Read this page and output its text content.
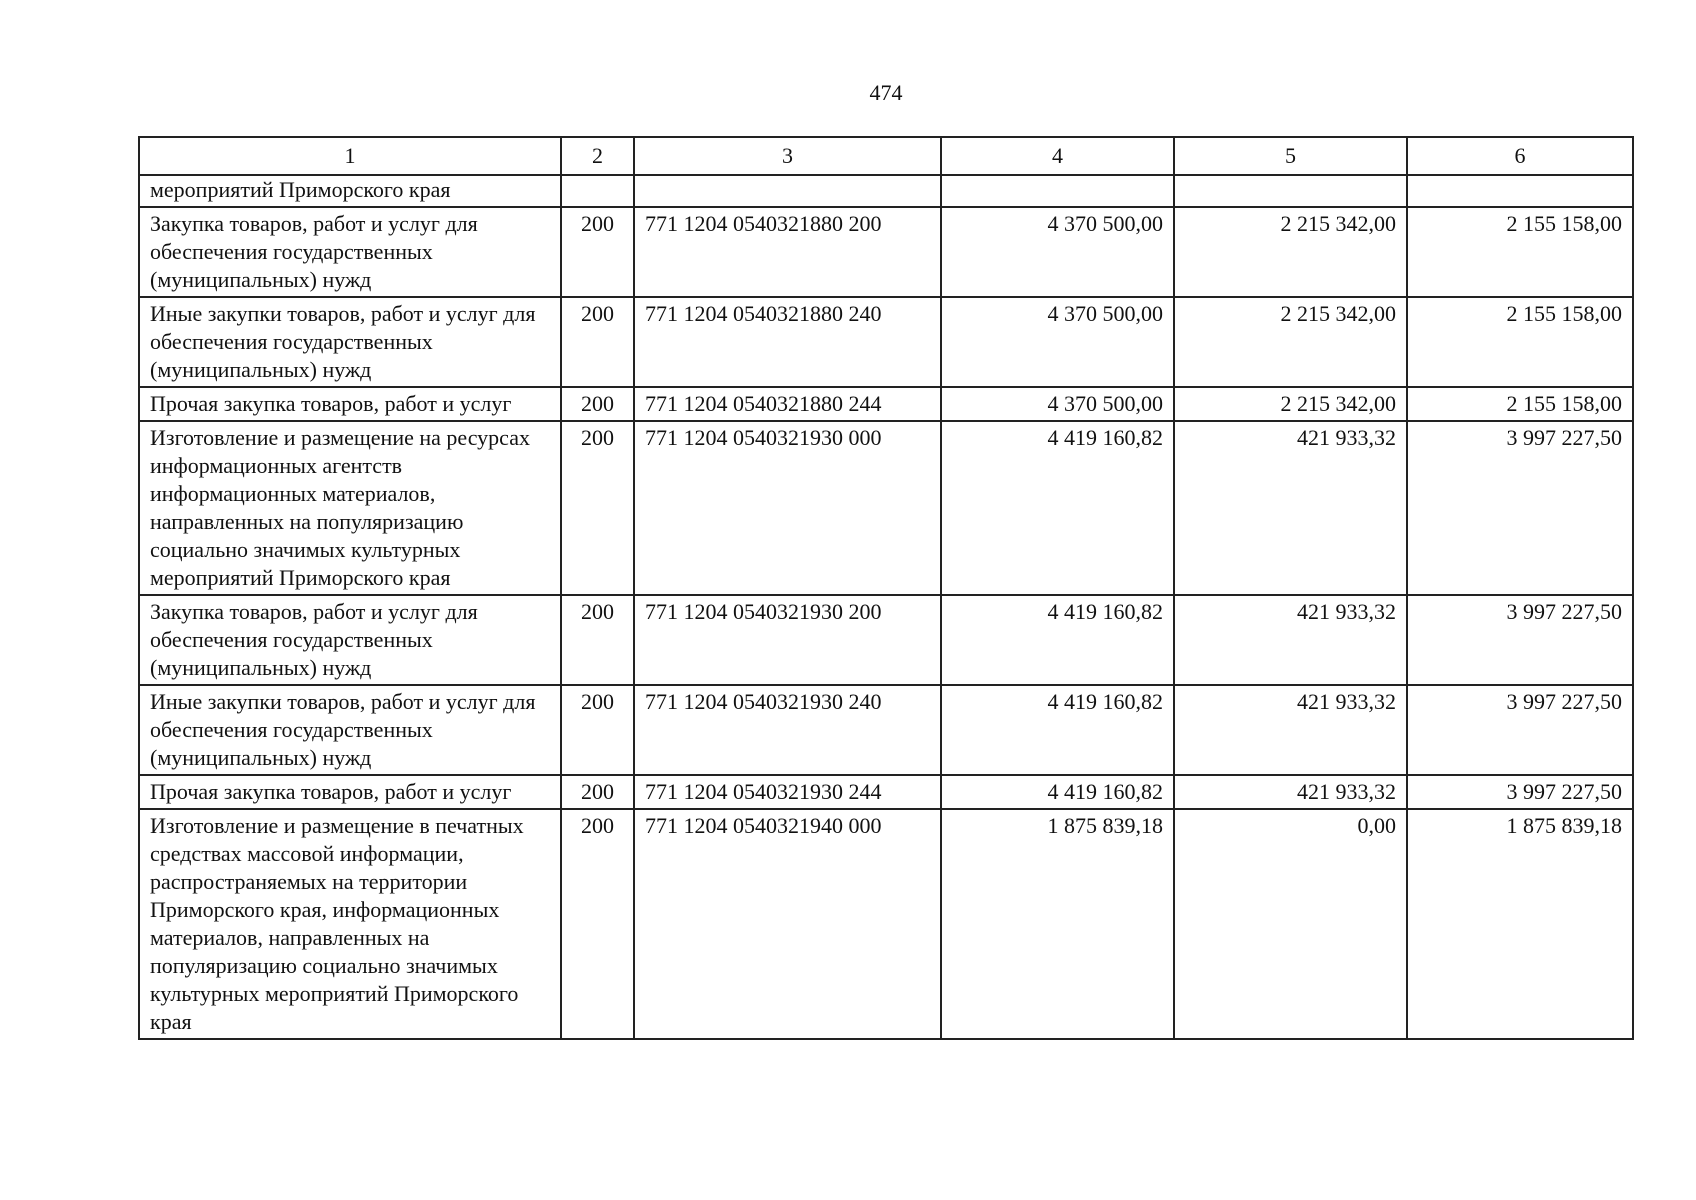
474
1	2	3	4	5	6
мероприятий Приморского края					
Закупка товаров, работ и услуг для обеспечения государственных (муниципальных) нужд	200	771 1204 0540321880 200	4 370 500,00	2 215 342,00	2 155 158,00
Иные закупки товаров, работ и услуг для обеспечения государственных (муниципальных) нужд	200	771 1204 0540321880 240	4 370 500,00	2 215 342,00	2 155 158,00
Прочая закупка товаров, работ и услуг	200	771 1204 0540321880 244	4 370 500,00	2 215 342,00	2 155 158,00
Изготовление и размещение на ресурсах информационных агентств информационных материалов, направленных на популяризацию социально значимых культурных мероприятий Приморского края	200	771 1204 0540321930 000	4 419 160,82	421 933,32	3 997 227,50
Закупка товаров, работ и услуг для обеспечения государственных (муниципальных) нужд	200	771 1204 0540321930 200	4 419 160,82	421 933,32	3 997 227,50
Иные закупки товаров, работ и услуг для обеспечения государственных (муниципальных) нужд	200	771 1204 0540321930 240	4 419 160,82	421 933,32	3 997 227,50
Прочая закупка товаров, работ и услуг	200	771 1204 0540321930 244	4 419 160,82	421 933,32	3 997 227,50
Изготовление и размещение в печатных средствах массовой информации, распространяемых на территории Приморского края, информационных материалов, направленных на популяризацию социально значимых культурных мероприятий Приморского края	200	771 1204 0540321940 000	1 875 839,18	0,00	1 875 839,18
